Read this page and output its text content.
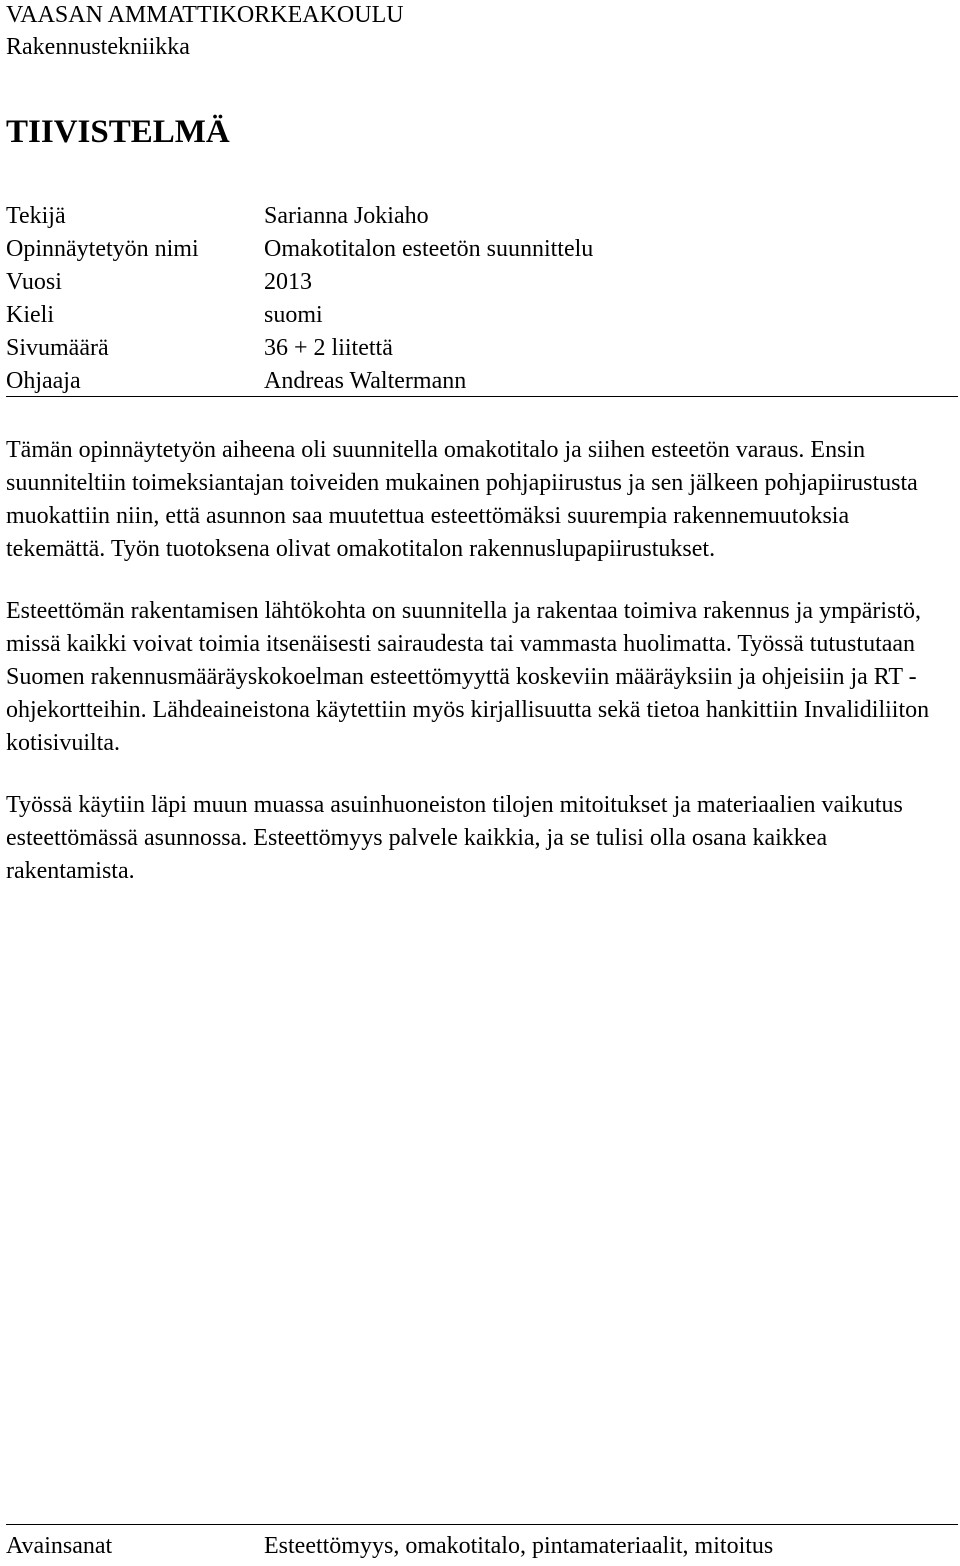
VAASAN AMMATTIKORKEAKOULU
Rakennustekniikka
TIIVISTELMÄ
Tekijä	Sarianna Jokiaho
Opinnäytetyön nimi	Omakotitalon esteetön suunnittelu
Vuosi	2013
Kieli	suomi
Sivumäärä	36 + 2 liitettä
Ohjaaja	Andreas Waltermann

Tämän opinnäytetyön aiheena oli suunnitella omakotitalo ja siihen esteetön varaus. Ensin suunniteltiin toimeksiantajan toiveiden mukainen pohjapiirustus ja sen jälkeen pohjapiirustusta muokattiin niin, että asunnon saa muutettua esteettömäksi suurempia rakennemuutoksia tekemättä. Työn tuotoksena olivat omakotitalon rakennuslupapiirustukset.

Esteettömän rakentamisen lähtökohta on suunnitella ja rakentaa toimiva rakennus ja ympäristö, missä kaikki voivat toimia itsenäisesti sairaudesta tai vammasta huolimatta. Työssä tutustutaan Suomen rakennusmääräyskokoelman esteettömyyttä koskeviin määräyksiin ja ohjeisiin ja RT -ohjekortteihin. Lähdeaineistona käytettiin myös kirjallisuutta sekä tietoa hankittiin Invalidiliiton kotisivuilta.

Työssä käytiin läpi muun muassa asuinhuoneiston tilojen mitoitukset ja materiaalien vaikutus esteettömässä asunnossa. Esteettömyys palvele kaikkia, ja se tulisi olla osana kaikkea rakentamista.

Avainsanat	Esteettömyys, omakotitalo, pintamateriaalit, mitoitus
